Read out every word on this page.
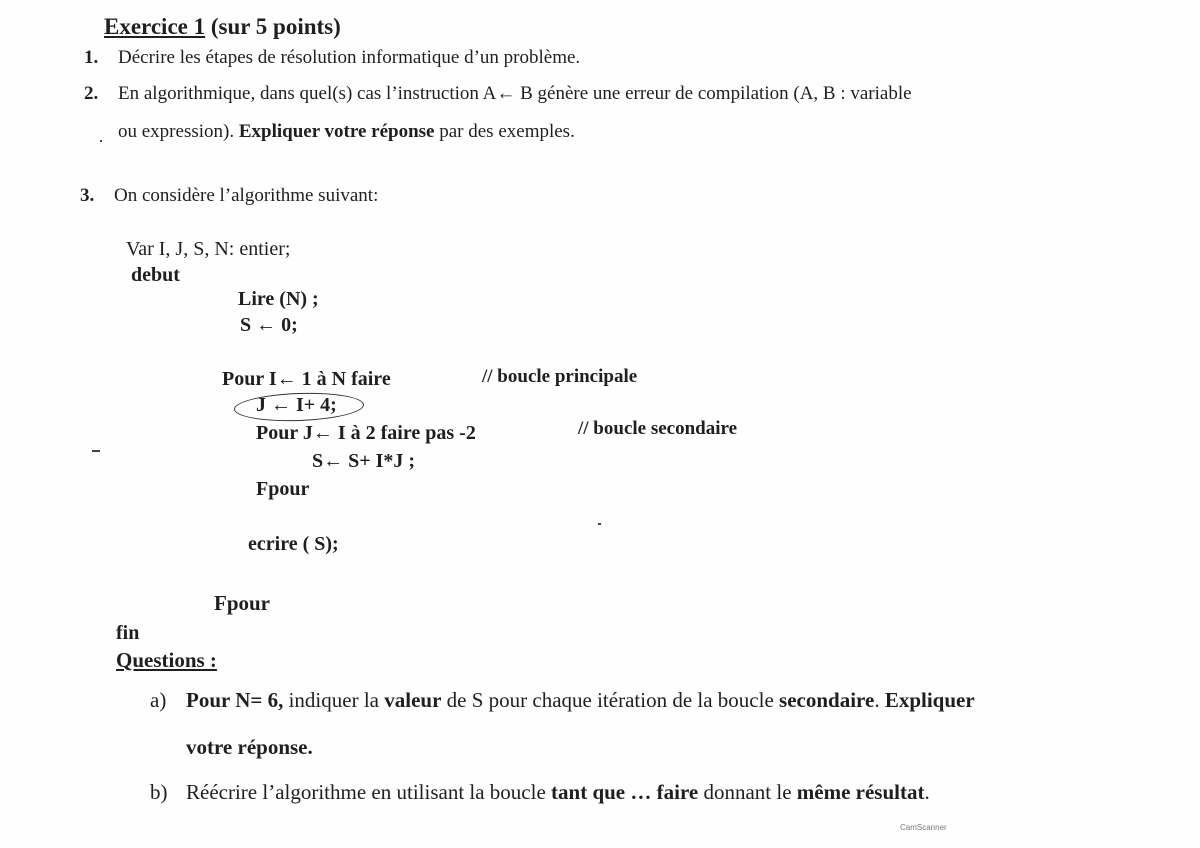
Exercice 1 (sur 5 points)
1. Décrire les étapes de résolution informatique d’un problème.
2. En algorithmique, dans quel(s) cas l’instruction A← B génère une erreur de compilation (A, B : variable
ou expression). Expliquer votre réponse par des exemples.
3. On considère l’algorithme suivant:
Var I, J, S, N: entier;
debut
Lire (N) ;
S ← 0;
Pour I← 1 à N faire	// boucle principale
J ← I+ 4;
Pour J← I à 2 faire pas -2	// boucle secondaire
S← S+ I*J ;
Fpour
ecrire ( S);
Fpour
fin
Questions :
a) Pour N= 6, indiquer la valeur de S pour chaque itération de la boucle secondaire. Expliquer
votre réponse.
b) Réécrire l’algorithme en utilisant la boucle tant que … faire donnant le même résultat.
CamScanner
